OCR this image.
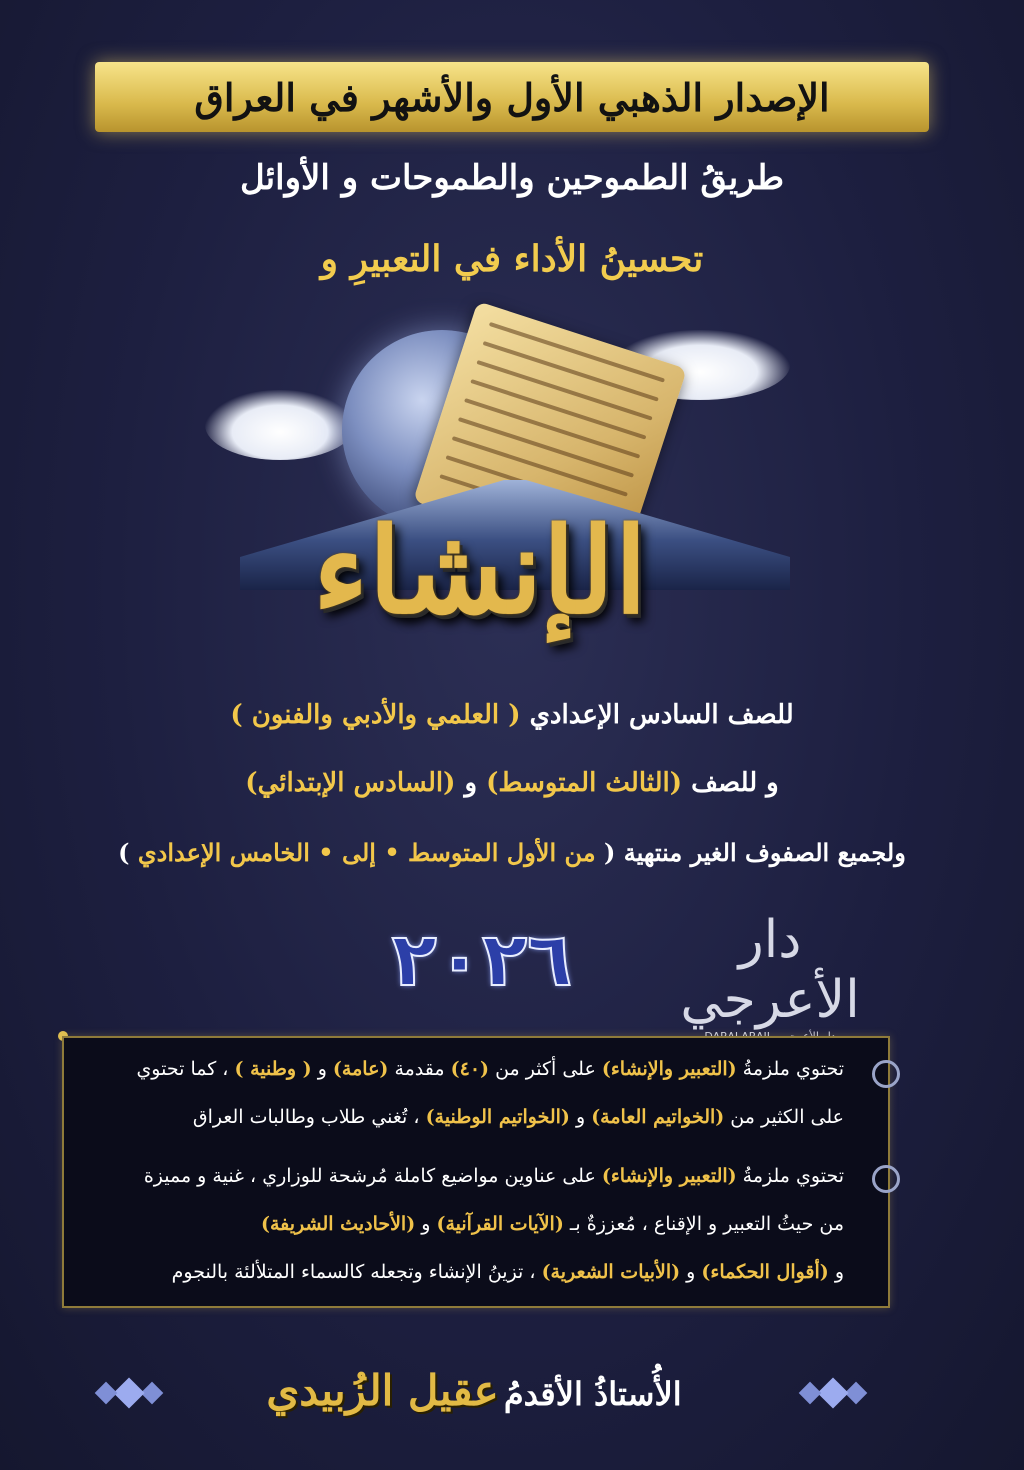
الإصدار الذهبي الأول والأشهر في العراق
طريقُ الطموحين والطموحات و الأوائل
تحسينُ الأداء في التعبيرِ و
الإنشاء
للصف السادس الإعدادي ( العلمي والأدبي والفنون )
و للصف (الثالث المتوسط) و (السادس الإبتدائي)
ولجميع الصفوف الغير منتهية ( من الأول المتوسط • إلى • الخامس الإعدادي )
٢٠٢٦	دار الأعرجي
تحتوي ملزمةُ (التعبير والإنشاء) على أكثر من (٤٠) مقدمة (عامة) و ( وطنية ) ، كما تحتوي
على الكثير من (الخواتيم العامة) و (الخواتيم الوطنية) ، تُغني طلاب وطالبات العراق
تحتوي ملزمةُ (التعبير والإنشاء) على عناوين مواضيع كاملة مُرشحة للوزاري ، غنية و مميزة
من حيثُ التعبير و الإقناع ، مُعززةٌ بـ (الآيات القرآنية) و (الأحاديث الشريفة)
و (أقوال الحكماء) و (الأبيات الشعرية) ، تزينُ الإنشاء وتجعله كالسماء المتلألئة بالنجوم
الأُستاذُ الأقدمُ عقيل الزُبيدي
